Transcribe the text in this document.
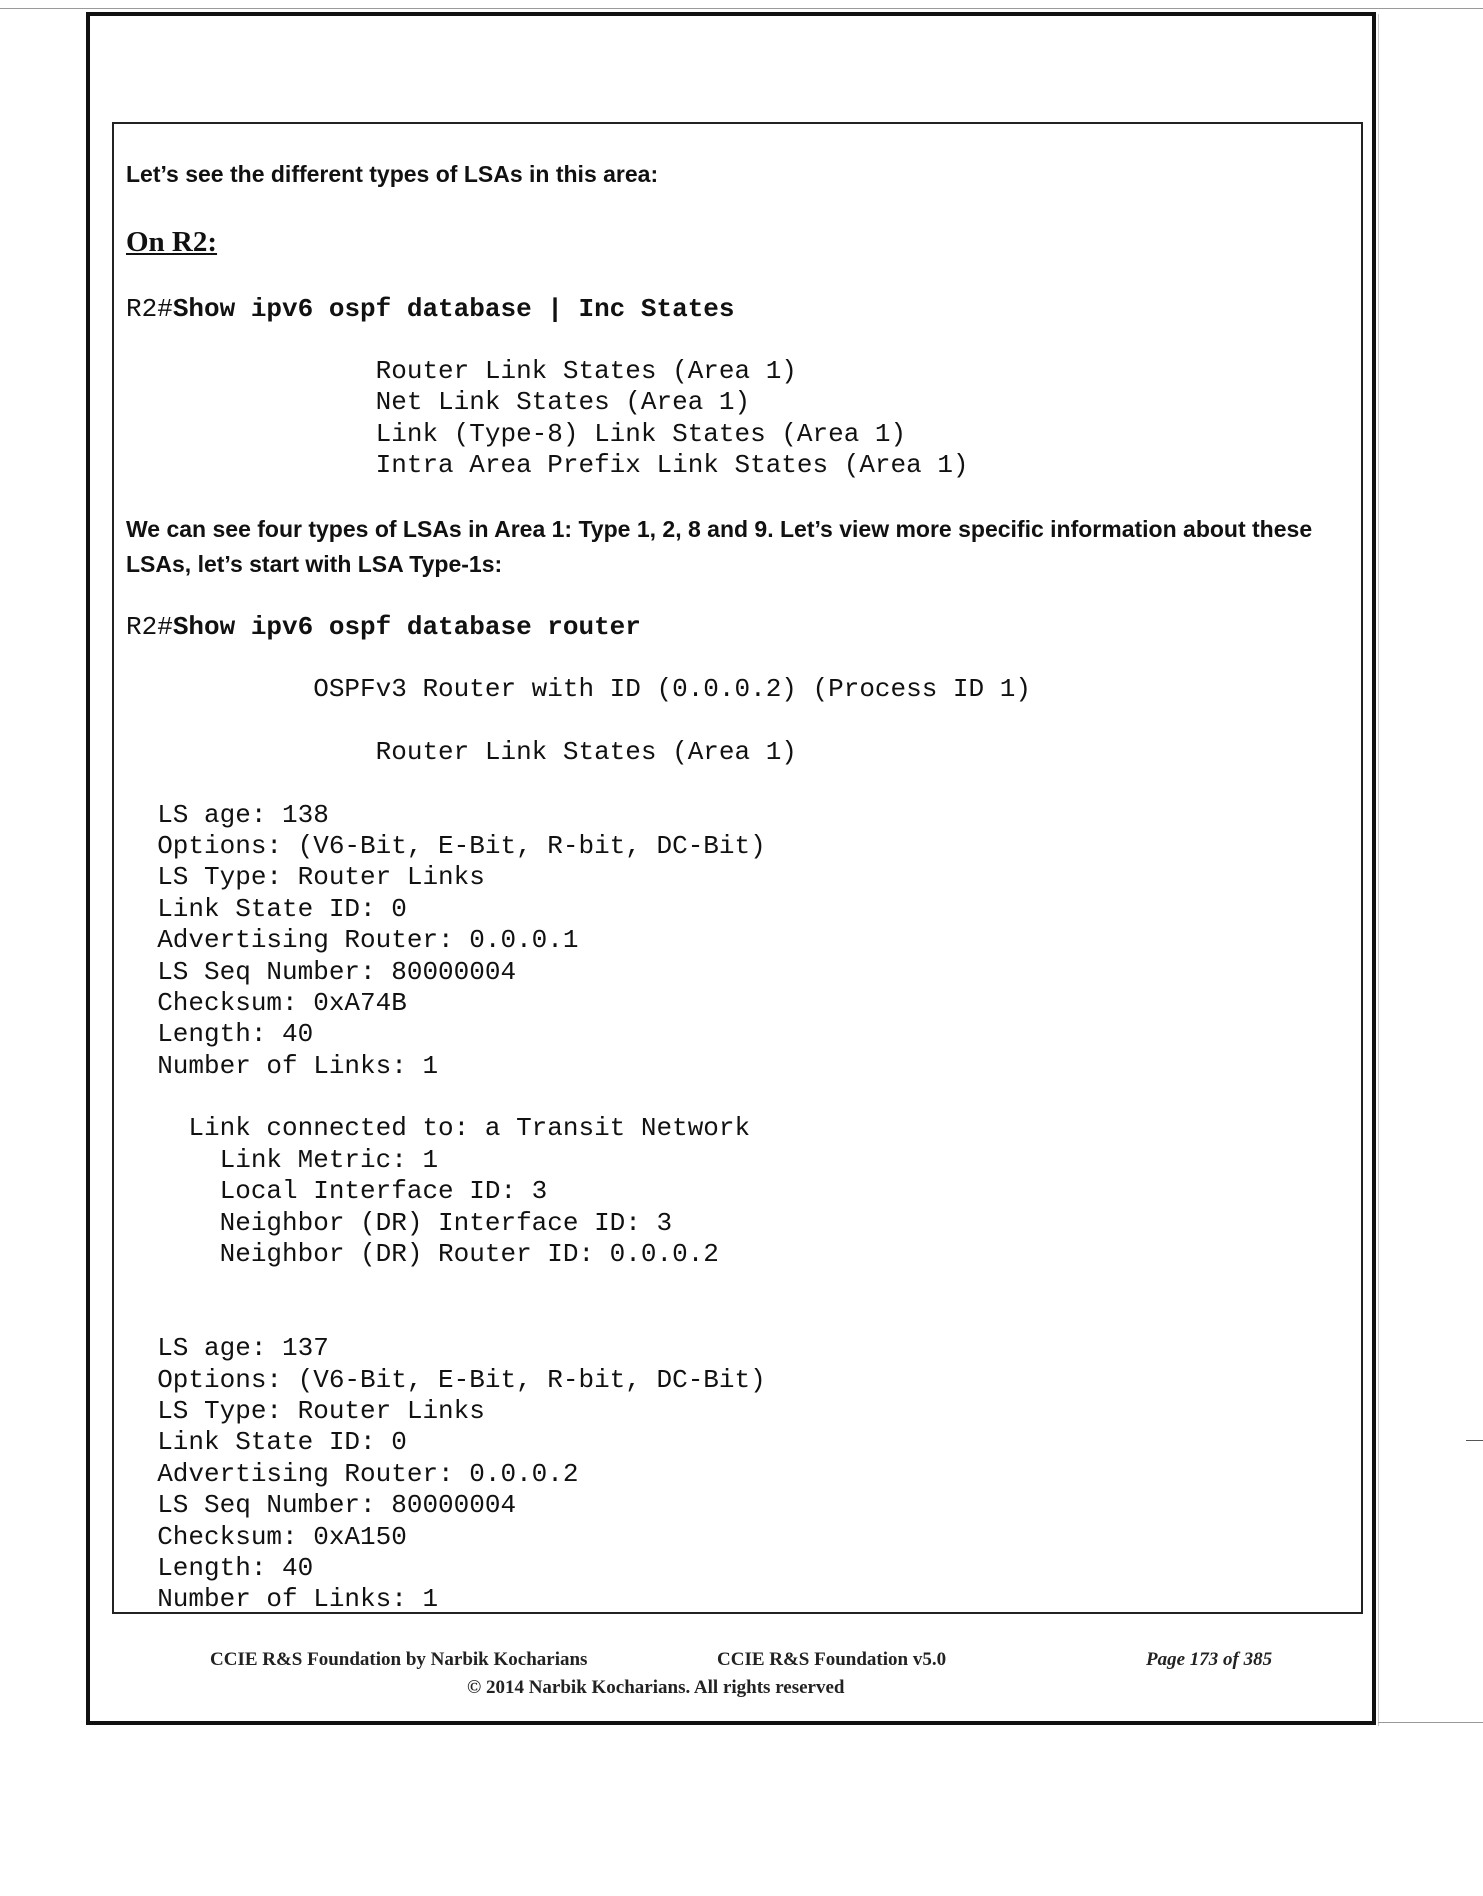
Let’s see the different types of LSAs in this area:

On R2:

R2#Show ipv6 ospf database | Inc States

Router Link States (Area 1)
Net Link States (Area 1)
Link (Type-8) Link States (Area 1)
Intra Area Prefix Link States (Area 1)

We can see four types of LSAs in Area 1: Type 1, 2, 8 and 9. Let’s view more specific information about these LSAs, let’s start with LSA Type-1s:

R2#Show ipv6 ospf database router

OSPFv3 Router with ID (0.0.0.2) (Process ID 1)
Router Link States (Area 1)
LS age: 138
Options: (V6-Bit, E-Bit, R-bit, DC-Bit)
LS Type: Router Links
Link State ID: 0
Advertising Router: 0.0.0.1
LS Seq Number: 80000004
Checksum: 0xA74B
Length: 40
Number of Links: 1
Link connected to: a Transit Network
Link Metric: 1
Local Interface ID: 3
Neighbor (DR) Interface ID: 3
Neighbor (DR) Router ID: 0.0.0.2
LS age: 137
Options: (V6-Bit, E-Bit, R-bit, DC-Bit)
LS Type: Router Links
Link State ID: 0
Advertising Router: 0.0.0.2
LS Seq Number: 80000004
Checksum: 0xA150
Length: 40
Number of Links: 1
CCIE R&S Foundation by Narbik Kocharians	CCIE R&S Foundation v5.0	Page 173 of 385
© 2014 Narbik Kocharians. All rights reserved
